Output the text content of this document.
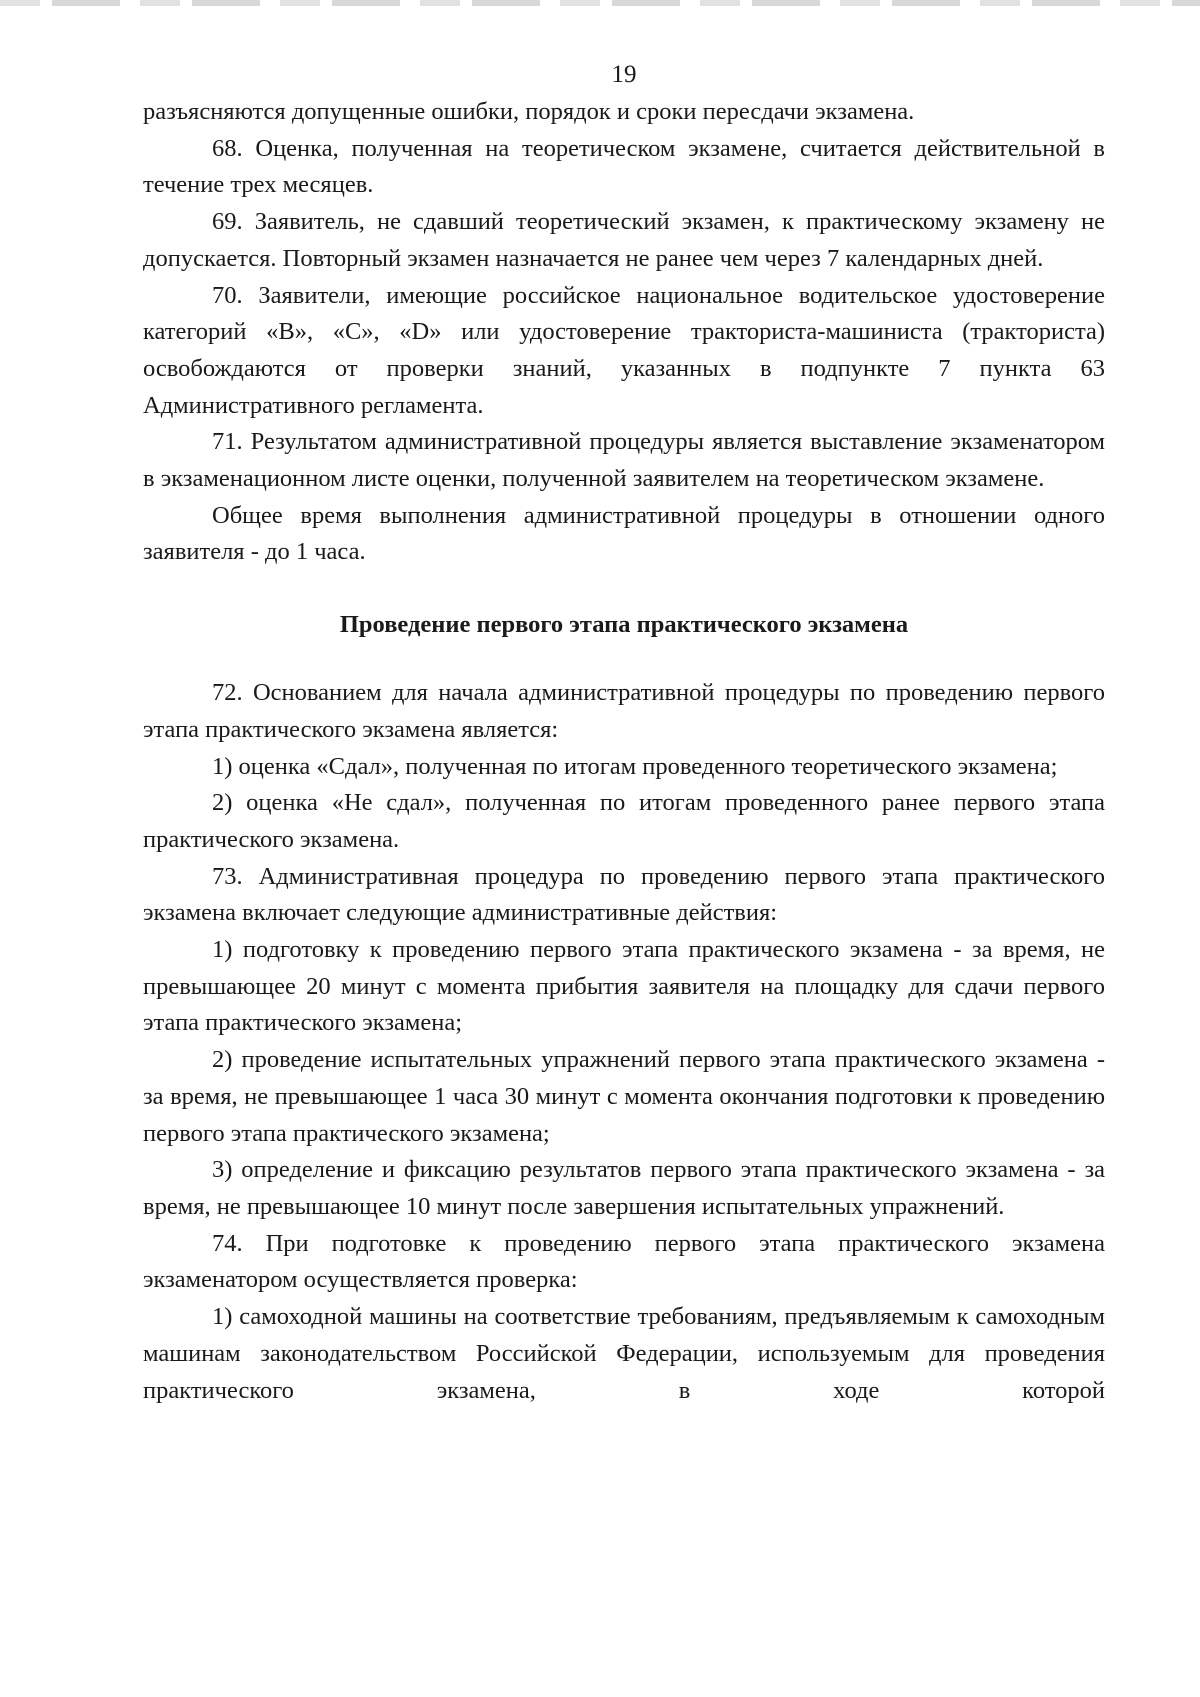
19

разъясняются допущенные ошибки, порядок и сроки пересдачи экзамена.

68. Оценка, полученная на теоретическом экзамене, считается действительной в течение трех месяцев.

69. Заявитель, не сдавший теоретический экзамен, к практическому экзамену не допускается. Повторный экзамен назначается не ранее чем через 7 календарных дней.

70. Заявители, имеющие российское национальное водительское удостоверение категорий «В», «С», «D» или удостоверение тракториста-машиниста (тракториста) освобождаются от проверки знаний, указанных в подпункте 7 пункта 63 Административного регламента.

71. Результатом административной процедуры является выставление экзаменатором в экзаменационном листе оценки, полученной заявителем на теоретическом экзамене.

Общее время выполнения административной процедуры в отношении одного заявителя - до 1 часа.

Проведение первого этапа практического экзамена

72. Основанием для начала административной процедуры по проведению первого этапа практического экзамена является:

1) оценка «Сдал», полученная по итогам проведенного теоретического экзамена;

2) оценка «Не сдал», полученная по итогам проведенного ранее первого этапа практического экзамена.

73. Административная процедура по проведению первого этапа практического экзамена включает следующие административные действия:

1) подготовку к проведению первого этапа практического экзамена - за время, не превышающее 20 минут с момента прибытия заявителя на площадку для сдачи первого этапа практического экзамена;

2) проведение испытательных упражнений первого этапа практического экзамена - за время, не превышающее 1 часа 30 минут с момента окончания подготовки к проведению первого этапа практического экзамена;

3) определение и фиксацию результатов первого этапа практического экзамена - за время, не превышающее 10 минут после завершения испытательных упражнений.

74. При подготовке к проведению первого этапа практического экзамена экзаменатором осуществляется проверка:

1) самоходной машины на соответствие требованиям, предъявляемым к самоходным машинам законодательством Российской Федерации, используемым для проведения практического экзамена, в ходе которой
